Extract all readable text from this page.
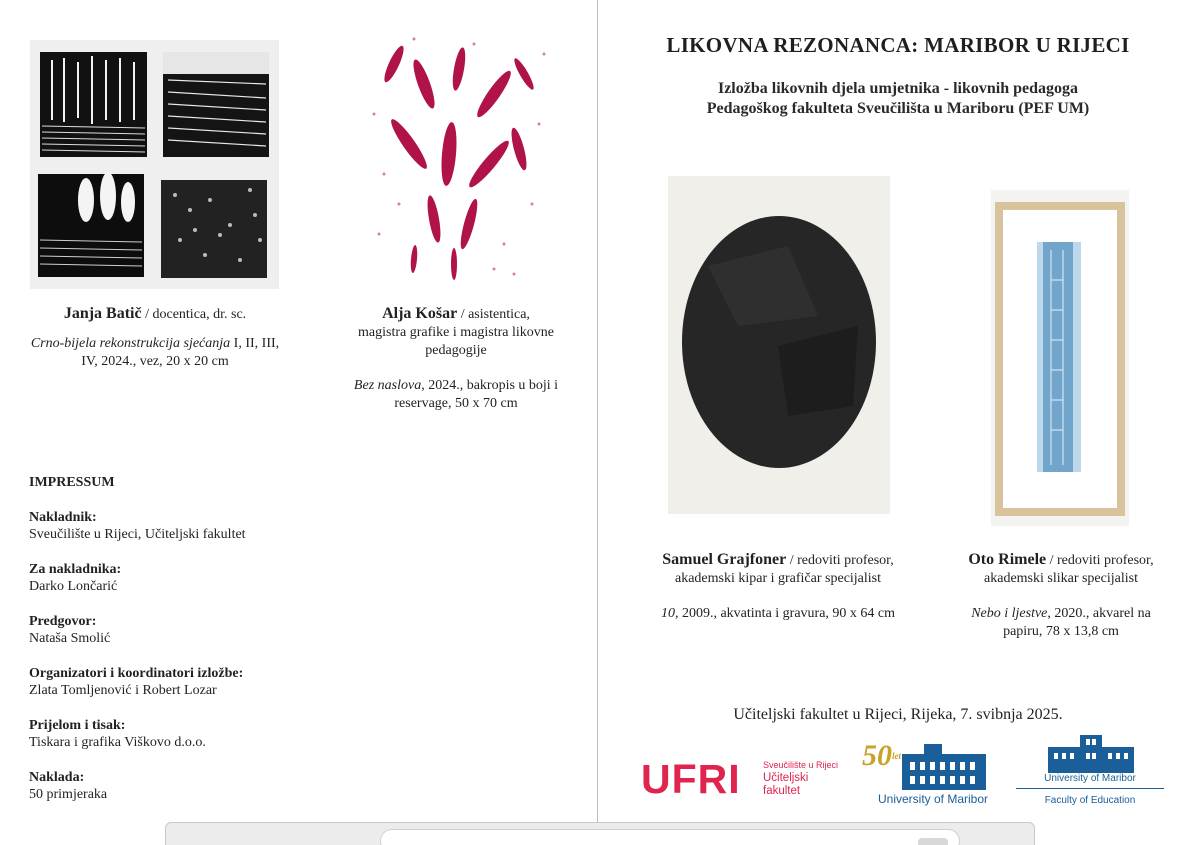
Janja Batič / docentica, dr. sc.
Crno-bijela rekonstrukcija sjećanja I, II, III,
IV, 2024., vez, 20 x 20 cm
Alja Košar / asistentica,
magistra grafike i magistra likovne
pedagogije
Bez naslova, 2024., bakropis u boji i
reservage, 50 x 70 cm
IMPRESSUM
Nakladnik:
Sveučilište u Rijeci, Učiteljski fakultet
Za nakladnika:
Darko Lončarić
Predgovor:
Nataša Smolić
Organizatori i koordinatori izložbe:
Zlata Tomljenović i Robert Lozar
Prijelom i tisak:
Tiskara i grafika Viškovo d.o.o.
Naklada:
50 primjeraka
LIKOVNA REZONANCA: MARIBOR U RIJECI
Izložba likovnih djela umjetnika - likovnih pedagoga
Pedagoškog fakulteta Sveučilišta u Mariboru (PEF UM)
Samuel Grajfoner / redoviti profesor,
akademski kipar i grafičar specijalist
10, 2009., akvatinta i gravura, 90 x 64 cm
Oto Rimele / redoviti profesor,
akademski slikar specijalist
Nebo i ljestve, 2020., akvarel na
papiru, 78 x 13,8 cm
Učiteljski fakultet u Rijeci, Rijeka, 7. svibnja 2025.
UFRI Sveučilište u Rijeci
Učiteljski
fakultet
$50^{let}$
University of Maribor
University of Maribor
Faculty of Education
